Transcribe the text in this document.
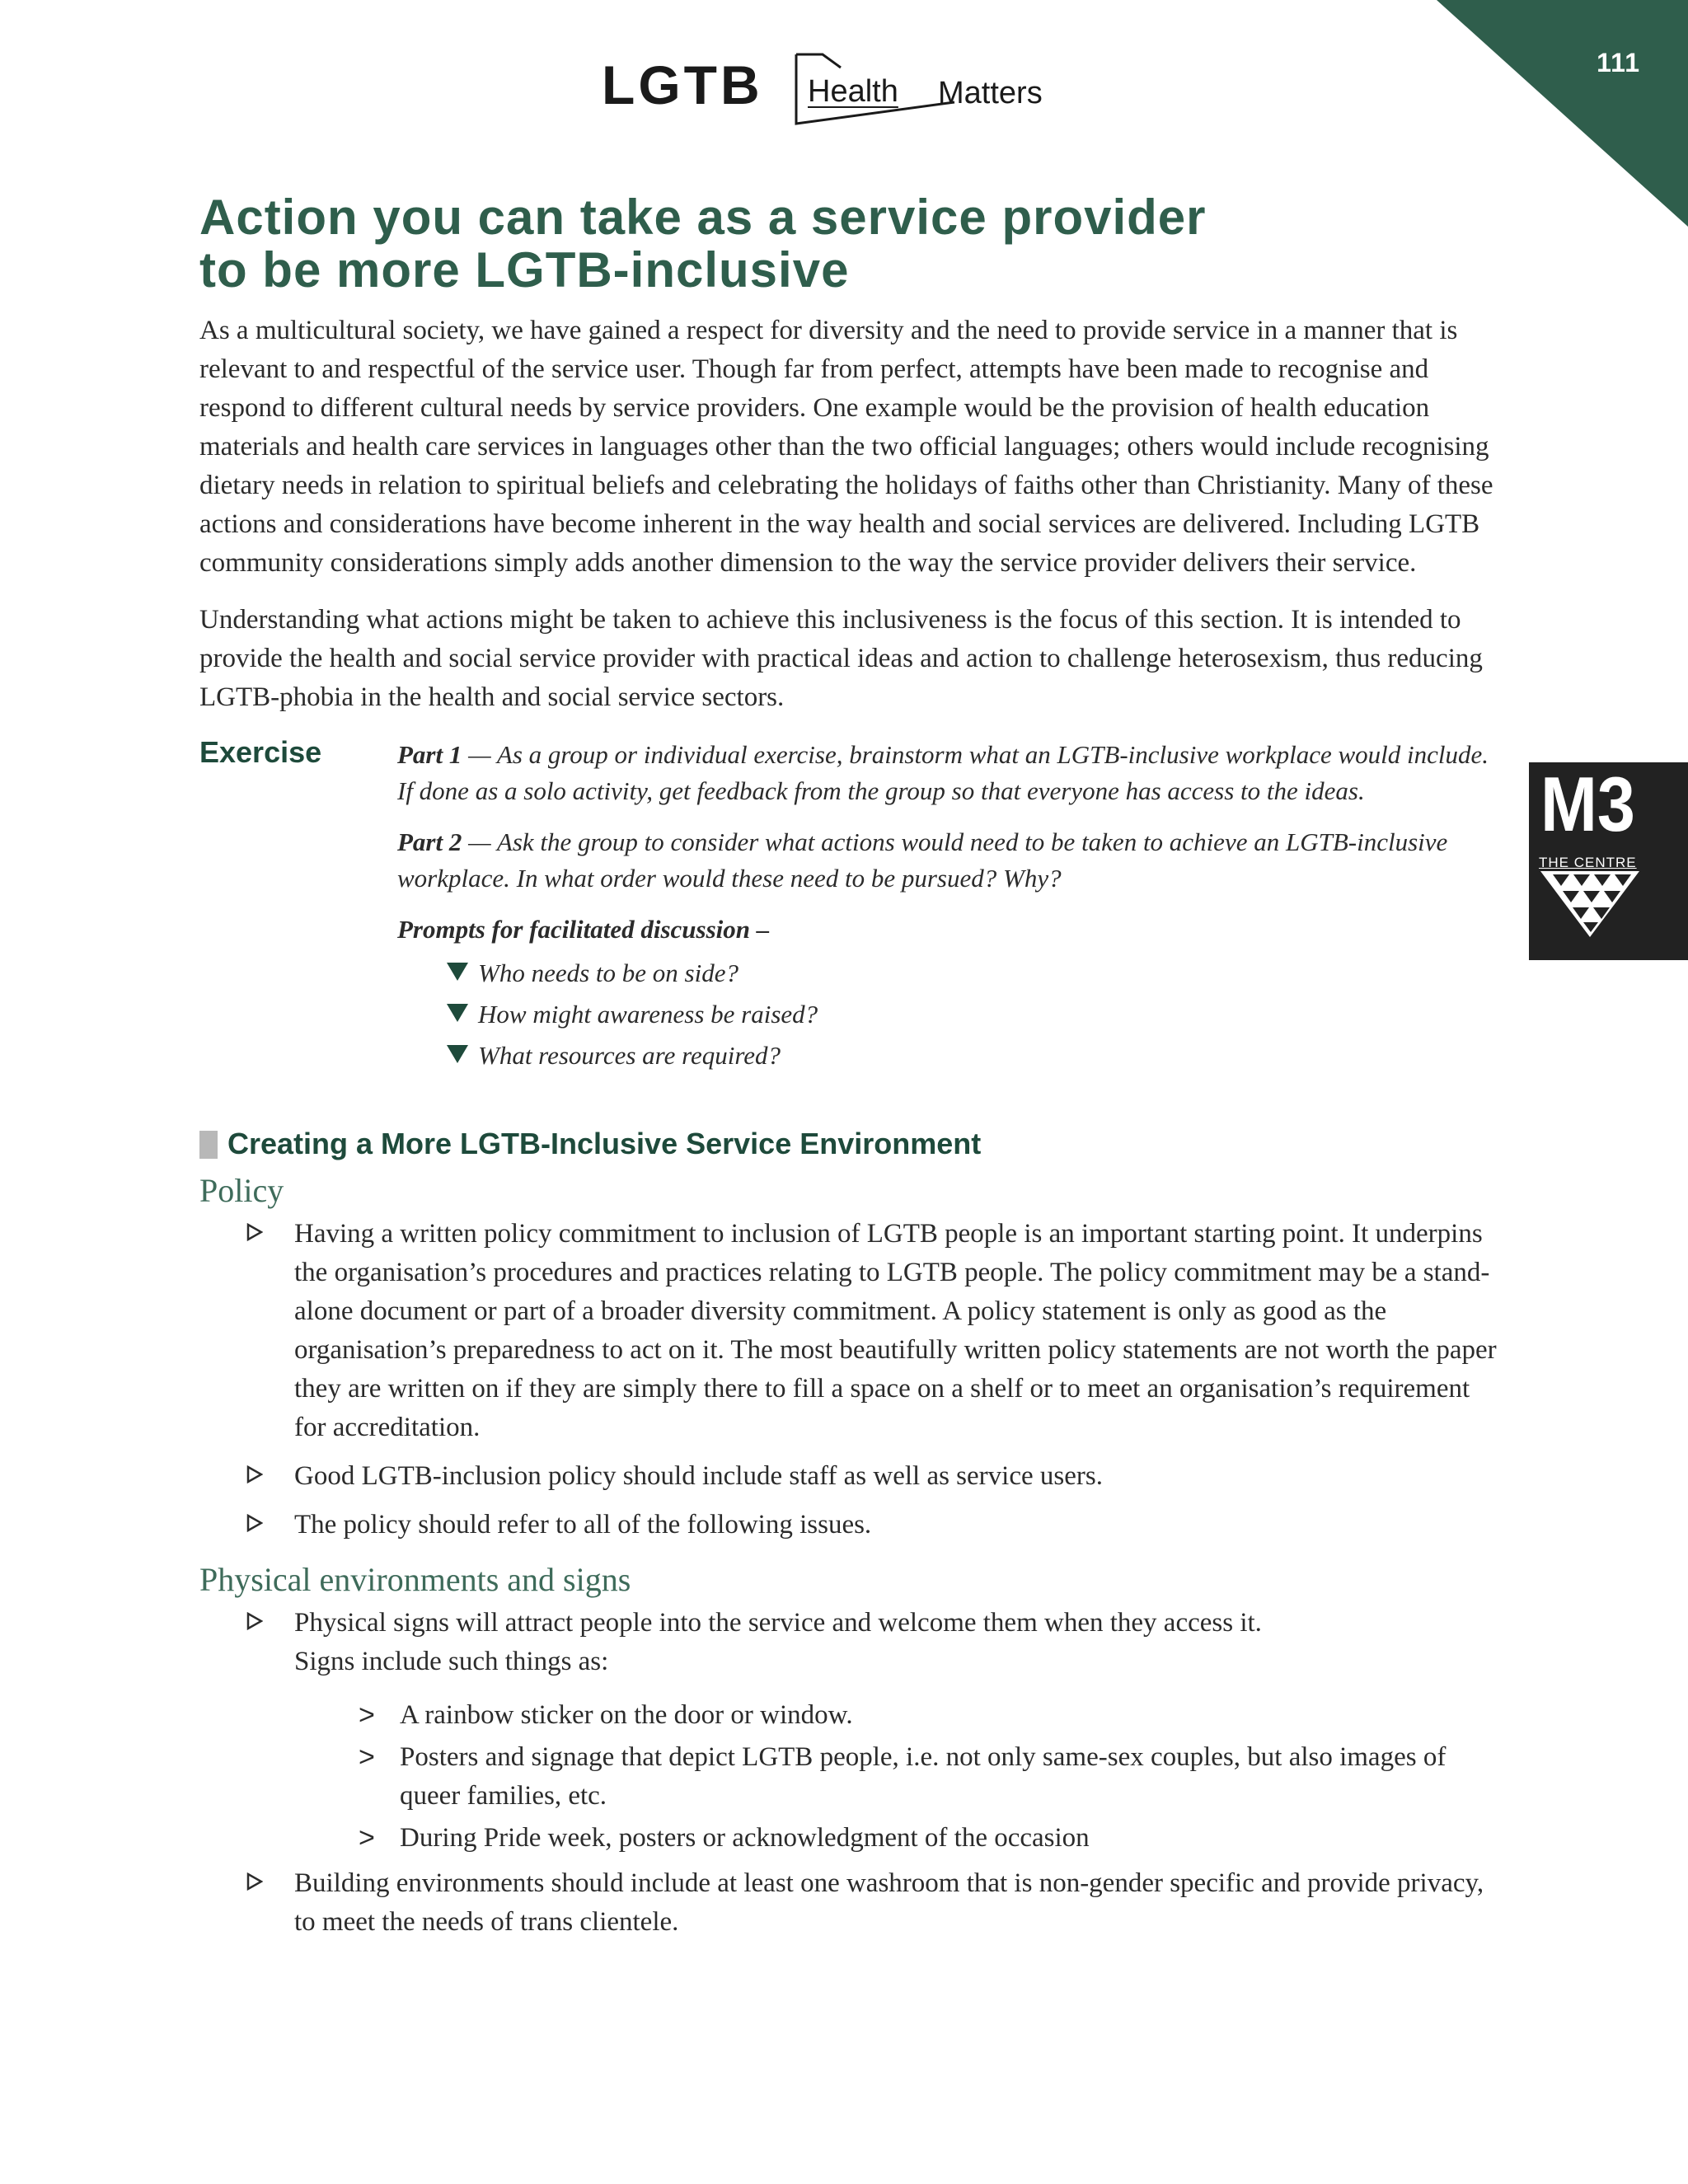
111
LGTB Health Matters
M3
THE CENTRE
Action you can take as a service provider
to be more LGTB-inclusive

As a multicultural society, we have gained a respect for diversity and the need to provide service in a manner that is relevant to and respectful of the service user. Though far from perfect, attempts have been made to recognise and respond to different cultural needs by service providers. One example would be the provision of health education materials and health care services in languages other than the two official languages; others would include recognising dietary needs in relation to spiritual beliefs and celebrating the holidays of faiths other than Christianity. Many of these actions and considerations have become inherent in the way health and social services are delivered. Including LGTB community considerations simply adds another dimension to the way the service provider delivers their service.

Understanding what actions might be taken to achieve this inclusiveness is the focus of this section. It is intended to provide the health and social service provider with practical ideas and action to challenge heterosexism, thus reducing LGTB-phobia in the health and social service sectors.

Exercise	Part 1 — As a group or individual exercise, brainstorm what an LGTB-inclusive workplace would include. If done as a solo activity, get feedback from the group so that everyone has access to the ideas.

Part 2 — Ask the group to consider what actions would need to be taken to achieve an LGTB-inclusive workplace. In what order would these need to be pursued? Why?

Prompts for facilitated discussion –
Who needs to be on side?
How might awareness be raised?
What resources are required?
Creating a More LGTB-Inclusive Service Environment
Policy
Having a written policy commitment to inclusion of LGTB people is an important starting point. It underpins the organisation’s procedures and practices relating to LGTB people. The policy commitment may be a stand-alone document or part of a broader diversity commitment. A policy statement is only as good as the organisation’s preparedness to act on it. The most beautifully written policy statements are not worth the paper they are written on if they are simply there to fill a space on a shelf or to meet an organisation’s requirement for accreditation.
Good LGTB-inclusion policy should include staff as well as service users.
The policy should refer to all of the following issues.
Physical environments and signs
Physical signs will attract people into the service and welcome them when they access it.
Signs include such things as:
> A rainbow sticker on the door or window.
> Posters and signage that depict LGTB people, i.e. not only same-sex couples, but also images of queer families, etc.
> During Pride week, posters or acknowledgment of the occasion
Building environments should include at least one washroom that is non-gender specific and provide privacy, to meet the needs of trans clientele.
